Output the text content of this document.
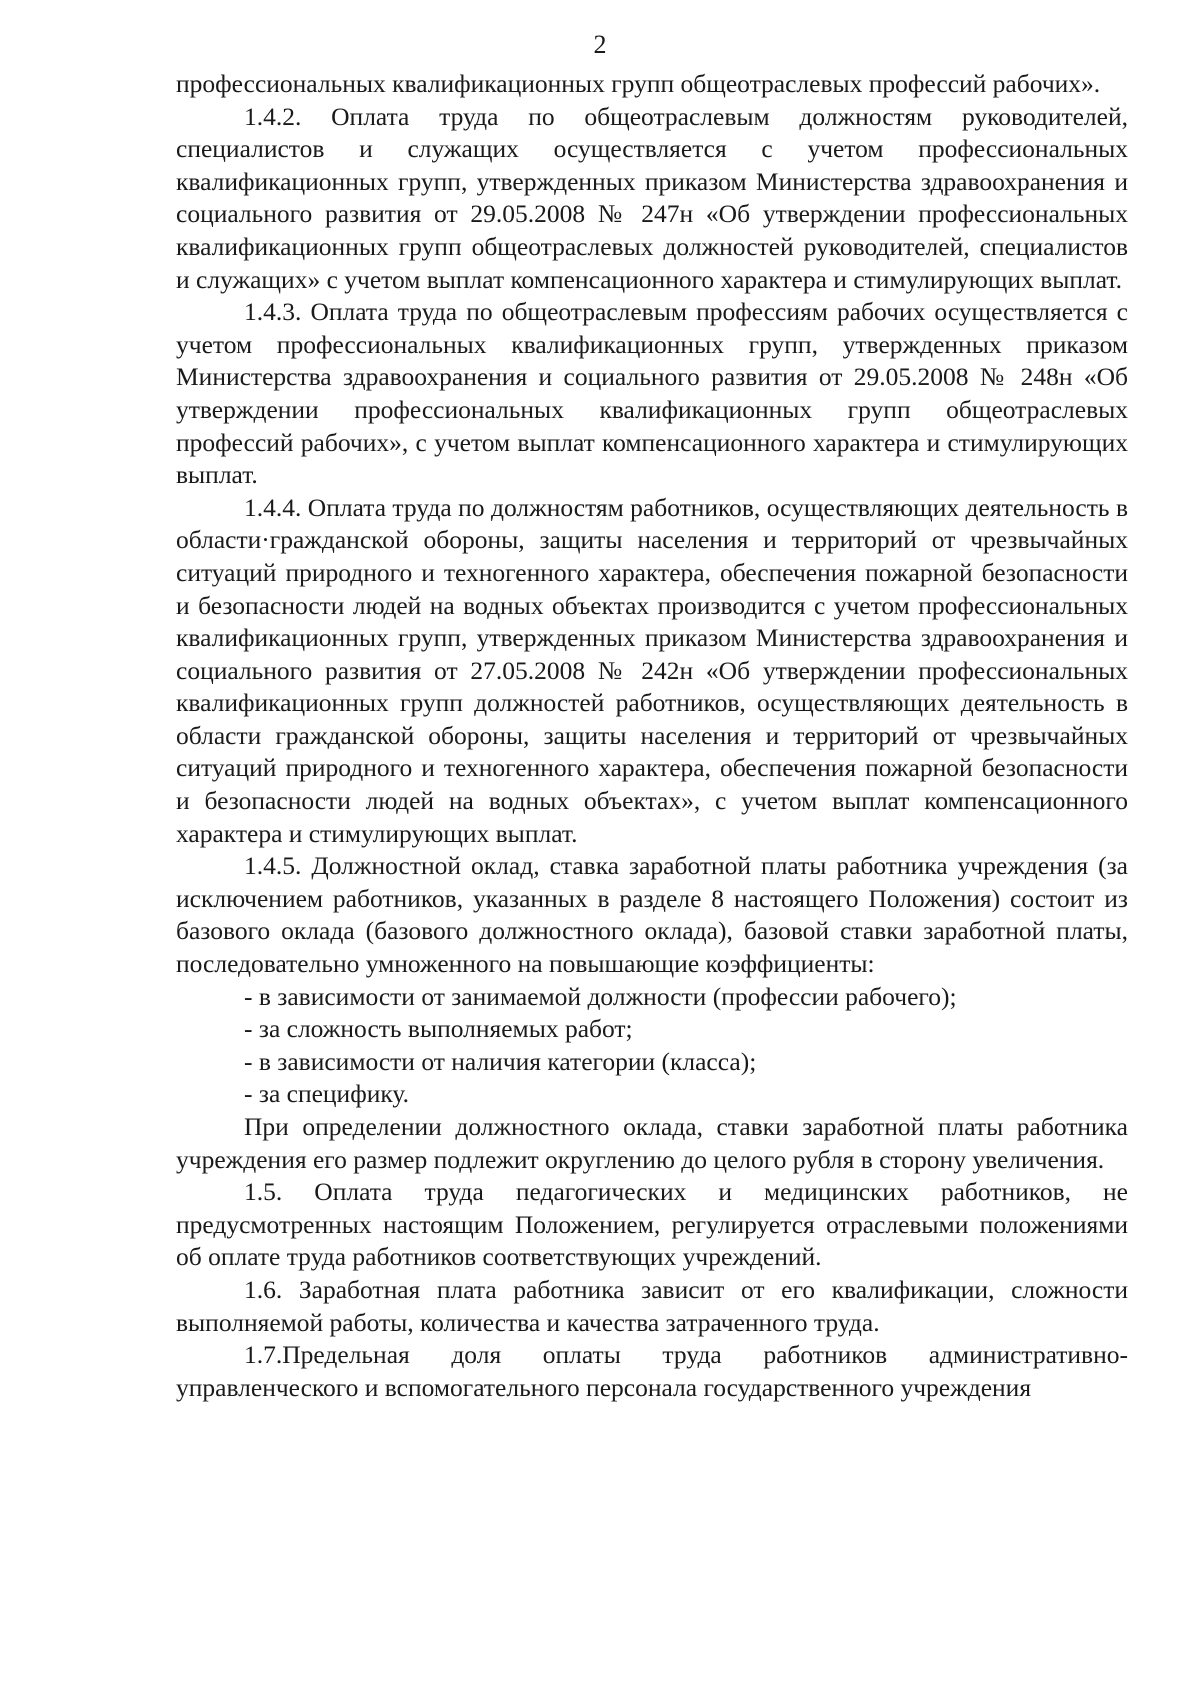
2

профессиональных квалификационных групп общеотраслевых профессий рабочих».

1.4.2. Оплата труда по общеотраслевым должностям руководителей, специалистов и служащих осуществляется с учетом профессиональных квалификационных групп, утвержденных приказом Министерства здравоохранения и социального развития от 29.05.2008 № 247н «Об утверждении профессиональных квалификационных групп общеотраслевых должностей руководителей, специалистов и служащих» с учетом выплат компенсационного характера и стимулирующих выплат.

1.4.3. Оплата труда по общеотраслевым профессиям рабочих осуществляется с учетом профессиональных квалификационных групп, утвержденных приказом Министерства здравоохранения и социального развития от 29.05.2008 № 248н «Об утверждении профессиональных квалификационных групп общеотраслевых профессий рабочих», с учетом выплат компенсационного характера и стимулирующих выплат.

1.4.4. Оплата труда по должностям работников, осуществляющих деятельность в области·гражданской обороны, защиты населения и территорий от чрезвычайных ситуаций природного и техногенного характера, обеспечения пожарной безопасности и безопасности людей на водных объектах производится с учетом профессиональных квалификационных групп, утвержденных приказом Министерства здравоохранения и социального развития от 27.05.2008 № 242н «Об утверждении профессиональных квалификационных групп должностей работников, осуществляющих деятельность в области гражданской обороны, защиты населения и территорий от чрезвычайных ситуаций природного и техногенного характера, обеспечения пожарной безопасности и безопасности людей на водных объектах», с учетом выплат компенсационного характера и стимулирующих выплат.

1.4.5. Должностной оклад, ставка заработной платы работника учреждения (за исключением работников, указанных в разделе 8 настоящего Положения) состоит из базового оклада (базового должностного оклада), базовой ставки заработной платы, последовательно умноженного на повышающие коэффициенты:

- в зависимости от занимаемой должности (профессии рабочего);

- за сложность выполняемых работ;

- в зависимости от наличия категории (класса);

- за специфику.

При определении должностного оклада, ставки заработной платы работника учреждения его размер подлежит округлению до целого рубля в сторону увеличения.

1.5. Оплата труда педагогических и медицинских работников, не предусмотренных настоящим Положением, регулируется отраслевыми положениями об оплате труда работников соответствующих учреждений.

1.6. Заработная плата работника зависит от его квалификации, сложности выполняемой работы, количества и качества затраченного труда.

1.7.Предельная доля оплаты труда работников административно-управленческого и вспомогательного персонала государственного учреждения
